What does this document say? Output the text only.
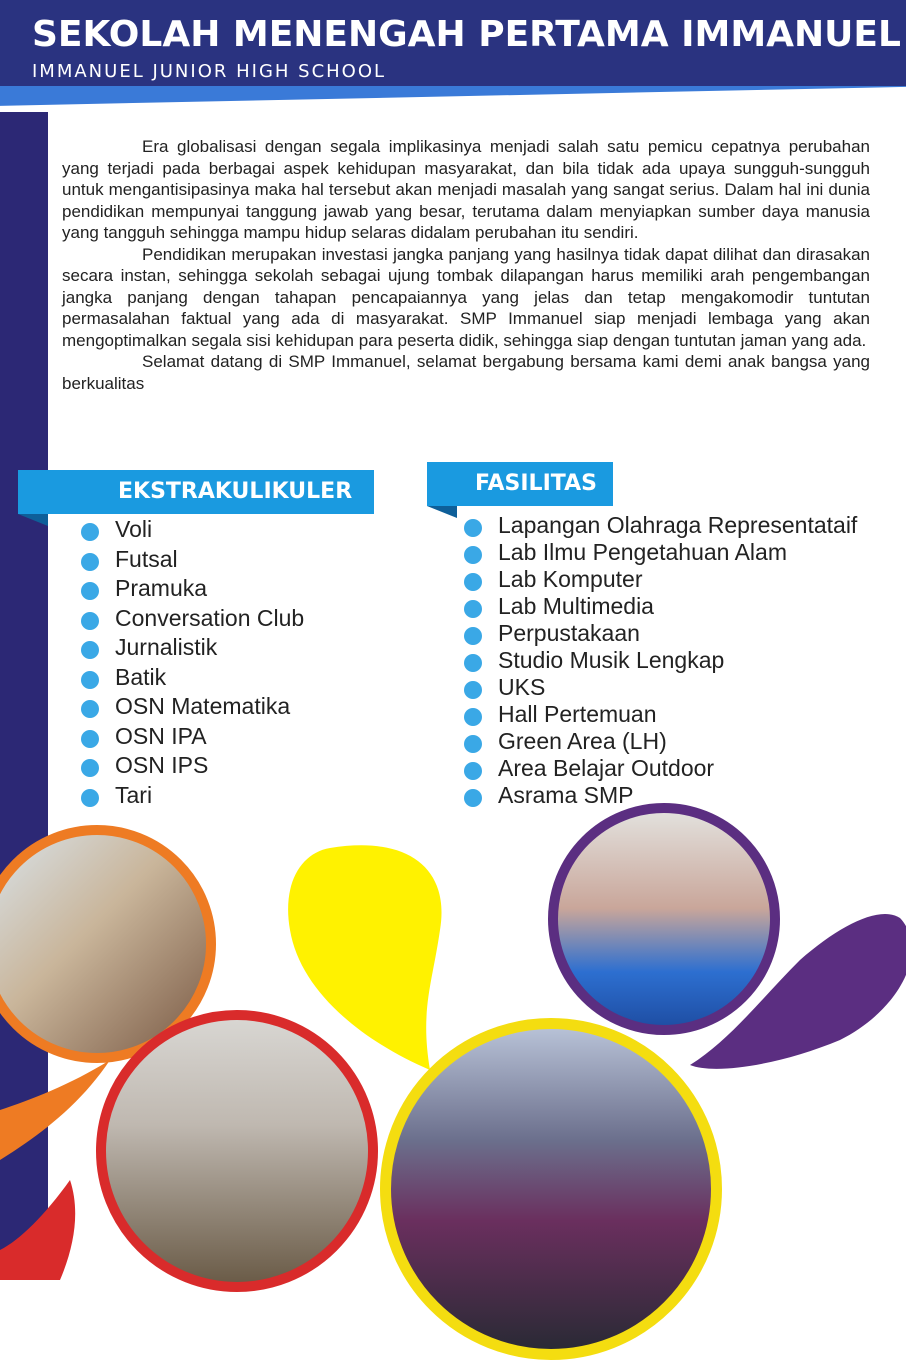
SEKOLAH MENENGAH PERTAMA IMMANUEL
IMMANUEL JUNIOR HIGH SCHOOL

Era globalisasi dengan segala implikasinya menjadi salah satu pemicu cepatnya perubahan yang terjadi pada berbagai aspek kehidupan masyarakat, dan bila tidak ada upaya sungguh-sungguh untuk mengantisipasinya maka hal tersebut akan menjadi masalah yang sangat serius. Dalam hal ini dunia pendidikan mempunyai tanggung jawab yang besar, terutama dalam menyiapkan sumber daya manusia yang tangguh sehingga mampu hidup selaras didalam perubahan itu sendiri.

Pendidikan merupakan investasi jangka panjang yang hasilnya tidak dapat dilihat dan dirasakan secara instan, sehingga sekolah sebagai ujung tombak dilapangan harus memiliki arah pengembangan jangka panjang dengan tahapan pencapaiannya yang jelas dan tetap mengakomodir tuntutan permasalahan faktual yang ada di masyarakat. SMP Immanuel siap menjadi lembaga yang akan mengoptimalkan segala sisi kehidupan para peserta didik, sehingga siap dengan tuntutan jaman yang ada.

Selamat datang di SMP Immanuel, selamat bergabung bersama kami demi anak bangsa yang berkualitas

EKSTRAKULIKULER	FASILITAS
Voli
Futsal
Pramuka
Conversation Club
Jurnalistik
Batik
OSN Matematika
OSN IPA
OSN IPS
Tari
Lapangan Olahraga Representataif
Lab Ilmu Pengetahuan Alam
Lab Komputer
Lab Multimedia
Perpustakaan
Studio Musik Lengkap
UKS
Hall Pertemuan
Green Area (LH)
Area Belajar Outdoor
Asrama SMP
